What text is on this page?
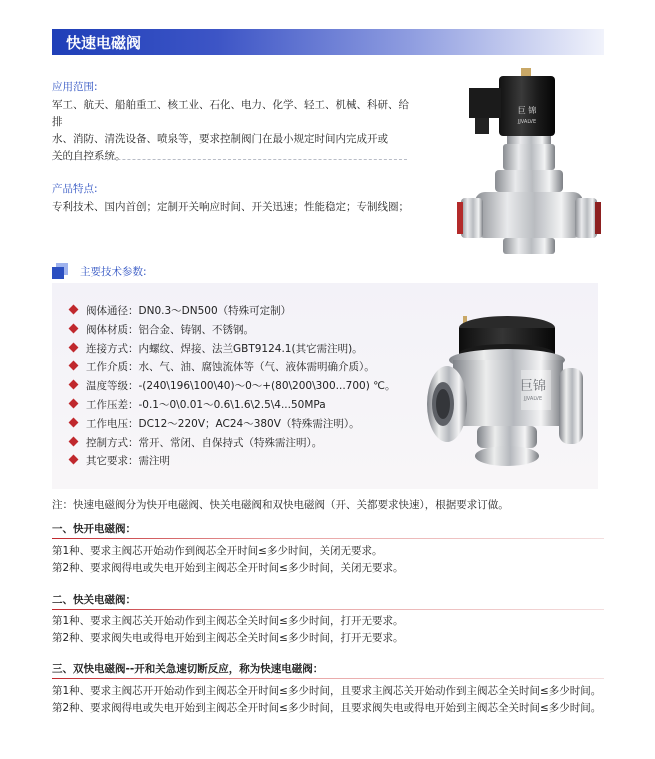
快速电磁阀
应用范围:
军工、航天、船舶重工、核工业、石化、电力、化学、轻工、机械、科研、给排
水、消防、清洗设备、喷泉等，要求控制阀门在最小规定时间内完成开或
关的自控系统。
产品特点:
专利技术、国内首创；定制开关响应时间、开关迅速；性能稳定；专制线圈；
巨 锦
JJVALVE
主要技术参数:
阀体通径：DN0.3～DN500（特殊可定制）
阀体材质：铝合金、铸钢、不锈钢。
连接方式：内螺纹、焊接、法兰GBT9124.1(其它需注明)。
工作介质：水、气、油、腐蚀流体等（气、液体需明确介质）。
温度等级：-(240\196\100\40)～0～+(80\200\300...700) ℃。
工作压差：-0.1～0\0.01～0.6\1.6\2.5\4...50MPa
工作电压：DC12～220V；AC24～380V（特殊需注明）。
控制方式：常开、常闭、自保持式（特殊需注明）。
其它要求：需注明
巨锦
JJVALVE
注：快速电磁阀分为快开电磁阀、快关电磁阀和双快电磁阀（开、关都要求快速），根据要求订做。
一、快开电磁阀：
第1种、要求主阀芯开始动作到阀芯全开时间≤多少时间，关闭无要求。
第2种、要求阀得电或失电开始到主阀芯全开时间≤多少时间，关闭无要求。
二、快关电磁阀：
第1种、要求主阀芯关开始动作到主阀芯全关时间≤多少时间，打开无要求。
第2种、要求阀失电或得电开始到主阀芯全关时间≤多少时间，打开无要求。
三、双快电磁阀--开和关急速切断反应，称为快速电磁阀：
第1种、要求主阀芯开开始动作到主阀芯全开时间≤多少时间，且要求主阀芯关开始动作到主阀芯全关时间≤多少时间。
第2种、要求阀得电或失电开始到主阀芯全开时间≤多少时间，且要求阀失电或得电开始到主阀芯全关时间≤多少时间。
